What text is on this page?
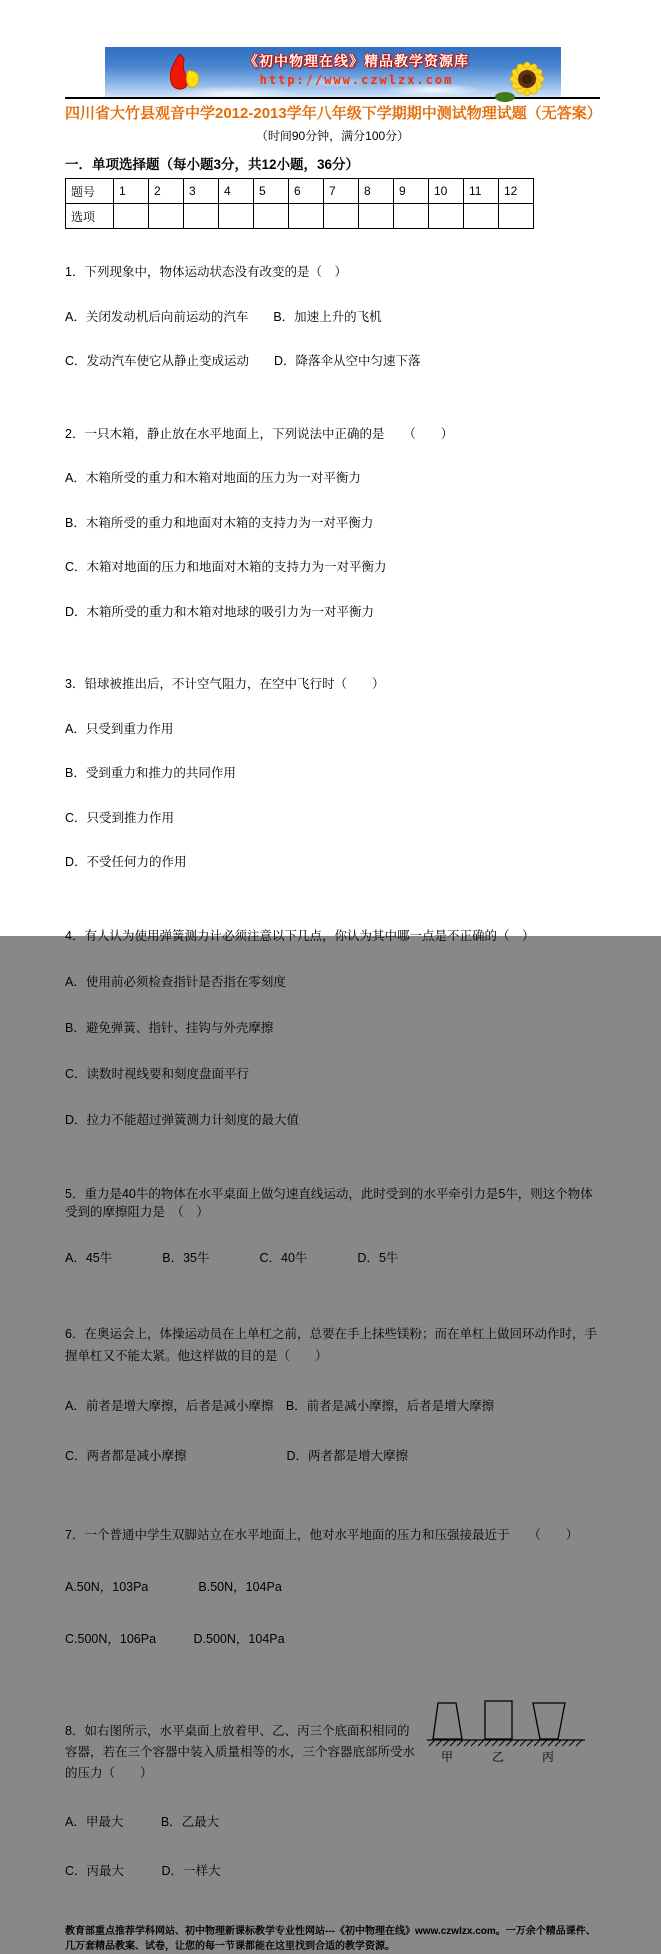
《初中物理在线》精品教学资源库
http://www.czwlzx.com
四川省大竹县观音中学2012-2013学年八年级下学期期中测试物理试题（无答案）
（时间90分钟，满分100分）
一．单项选择题（每小题3分，共12小题，36分）
题号	1	2	3	4	5	6	7	8	9	10	11	12
选项												

1．下列现象中，物体运动状态没有改变的是（　）

A．关闭发动机后向前运动的汽车　　B．加速上升的飞机

C．发动汽车使它从静止变成运动　　D．降落伞从空中匀速下落

2．一只木箱，静止放在水平地面上，下列说法中正确的是　　（　　）

A．木箱所受的重力和木箱对地面的压力为一对平衡力

B．木箱所受的重力和地面对木箱的支持力为一对平衡力

C．木箱对地面的压力和地面对木箱的支持力为一对平衡力

D．木箱所受的重力和木箱对地球的吸引力为一对平衡力

3．铅球被推出后，不计空气阻力，在空中飞行时（　　）

A．只受到重力作用

B．受到重力和推力的共同作用

C．只受到推力作用

D．不受任何力的作用

4．有人认为使用弹簧测力计必须注意以下几点，你认为其中哪一点是不正确的（　）

A．使用前必须检查指针是否指在零刻度

B．避免弹簧、指针、挂钩与外壳摩擦

C．读数时视线要和刻度盘面平行

D．拉力不能超过弹簧测力计刻度的最大值

5．重力是40牛的物体在水平桌面上做匀速直线运动，此时受到的水平牵引力是5牛，则这个物体受到的摩擦阻力是　（　）

A．45牛　　　　B．35牛　　　　C．40牛　　　　D．5牛

6．在奥运会上，体操运动员在上单杠之前，总要在手上抹些镁粉；而在单杠上做回环动作时，手握单杠又不能太紧。他这样做的目的是（　　）

A．前者是增大摩擦，后者是减小摩擦　B．前者是减小摩擦，后者是增大摩擦

C．两者都是减小摩擦　　　　　　　　D．两者都是增大摩擦

7．一个普通中学生双脚站立在水平地面上，他对水平地面的压力和压强接最近于　　（　　）

A.50N，103Pa　　　　B.50N，104Pa

C.500N，106Pa　　　D.500N，104Pa

甲	乙	丙

8．如右图所示，水平桌面上放着甲、乙、丙三个底面积相同的容器，若在三个容器中装入质量相等的水，三个容器底部所受水的压力（　　）

A．甲最大　　　B．乙最大

C．丙最大　　　D．一样大

教育部重点推荐学科网站、初中物理新课标教学专业性网站---《初中物理在线》www.czwlzx.com。一万余个精品课件、几万套精品教案、试卷，让您的每一节课都能在这里找到合适的教学资源。
